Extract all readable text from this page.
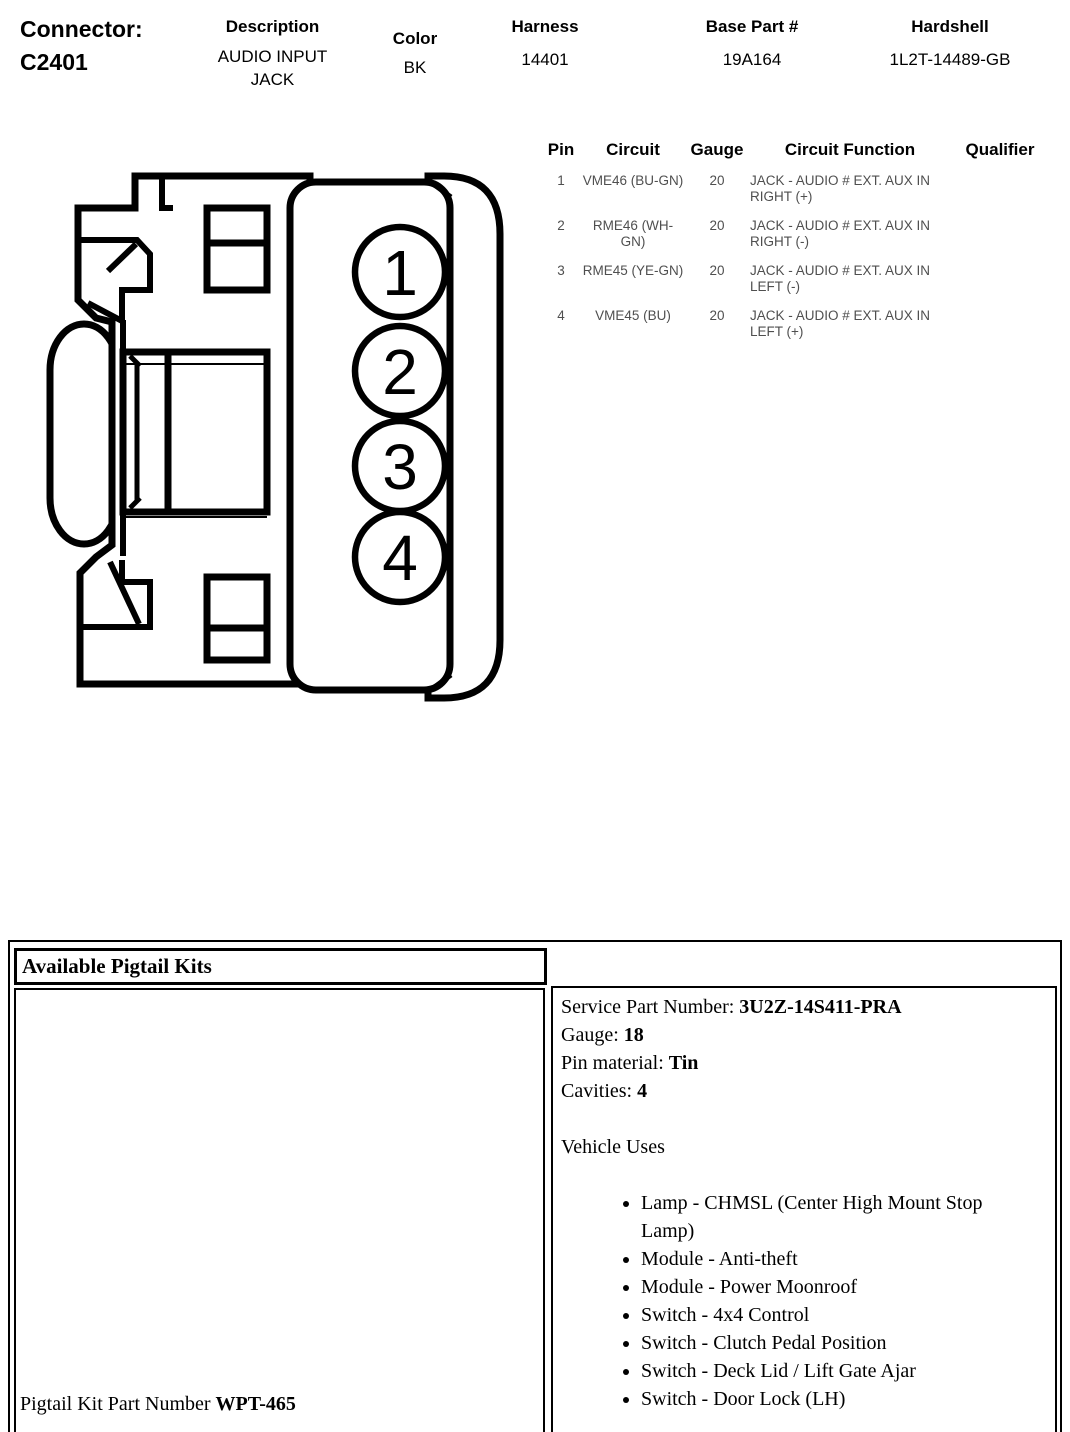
Connector:
C2401
Description
AUDIO INPUT JACK
Color
BK
Harness
14401
Base Part #
19A164
Hardshell
1L2T-14489-GB
Pin	Circuit	Gauge	Circuit Function	Qualifier
1	VME46 (BU-GN)	20	JACK - AUDIO # EXT. AUX IN RIGHT (+)	
2	RME46 (WH-GN)	20	JACK - AUDIO # EXT. AUX IN RIGHT (-)	
3	RME45 (YE-GN)	20	JACK - AUDIO # EXT. AUX IN LEFT (-)	
4	VME45 (BU)	20	JACK - AUDIO # EXT. AUX IN LEFT (+)	
1
2
3
4
Available Pigtail Kits
Pigtail Kit Part Number WPT-465
Service Part Number: 3U2Z-14S411-PRA
Gauge: 18
Pin material: Tin
Cavities: 4
Vehicle Uses
• Lamp - CHMSL (Center High Mount Stop Lamp)
• Module - Anti-theft
• Module - Power Moonroof
• Switch - 4x4 Control
• Switch - Clutch Pedal Position
• Switch - Deck Lid / Lift Gate Ajar
• Switch - Door Lock (LH)
